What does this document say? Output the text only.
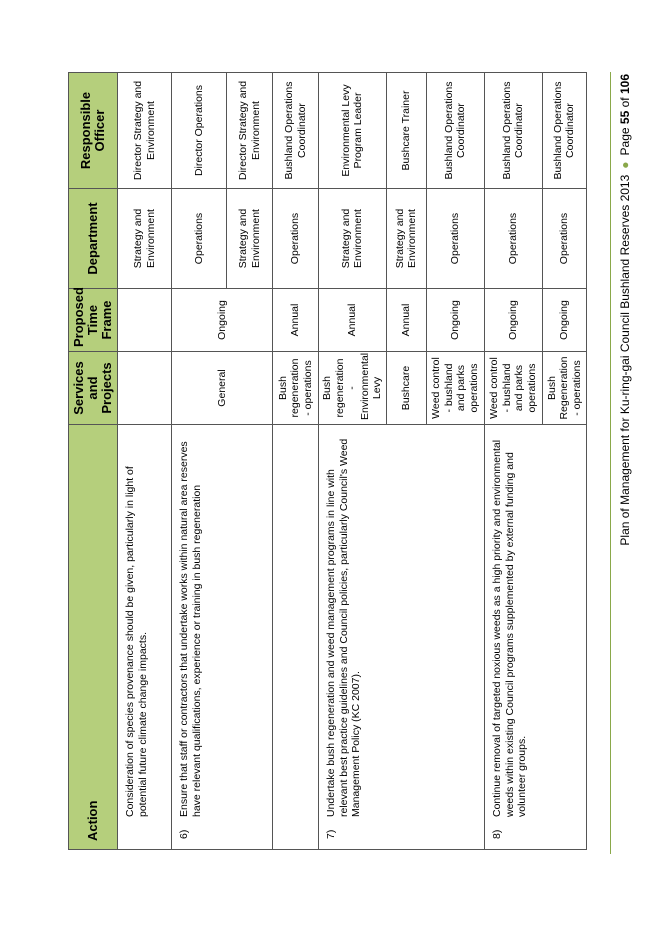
Action	Services and Projects	Proposed Time Frame	Department	Responsible Officer

Consideration of species provenance should be given, particularly in light of potential future climate change impacts.			Strategy and Environment	Director Strategy and Environment

6)
Ensure that staff or contractors that undertake works within natural area reserves have relevant qualifications, experience or training in bush regeneration	General	Ongoing	Operations	Director Operations
			Strategy and Environment	Director Strategy and Environment
	Bush regeneration - operations	Annual	Operations	Bushland Operations Coordinator

7)
Undertake bush regeneration and weed management programs in line with relevant best practice guidelines and Council policies, particularly Council's Weed Management Policy (KC 2007).	Bush regeneration - Environmental Levy	Annual	Strategy and Environment	Environmental Levy Program Leader
	Bushcare	Annual	Strategy and Environment	Bushcare Trainer
	Weed control - bushland and parks operations	Ongoing	Operations	Bushland Operations Coordinator

8)
Continue removal of targeted noxious weeds as a high priority and environmental weeds within existing Council programs supplemented by external funding and volunteer groups.	Weed control - bushland and parks operations	Ongoing	Operations	Bushland Operations Coordinator
	Bush Regeneration - operations	Ongoing	Operations	Bushland Operations Coordinator
Plan of Management for Ku-ring-gai Council Bushland Reserves 2013●Page 55 of 106
